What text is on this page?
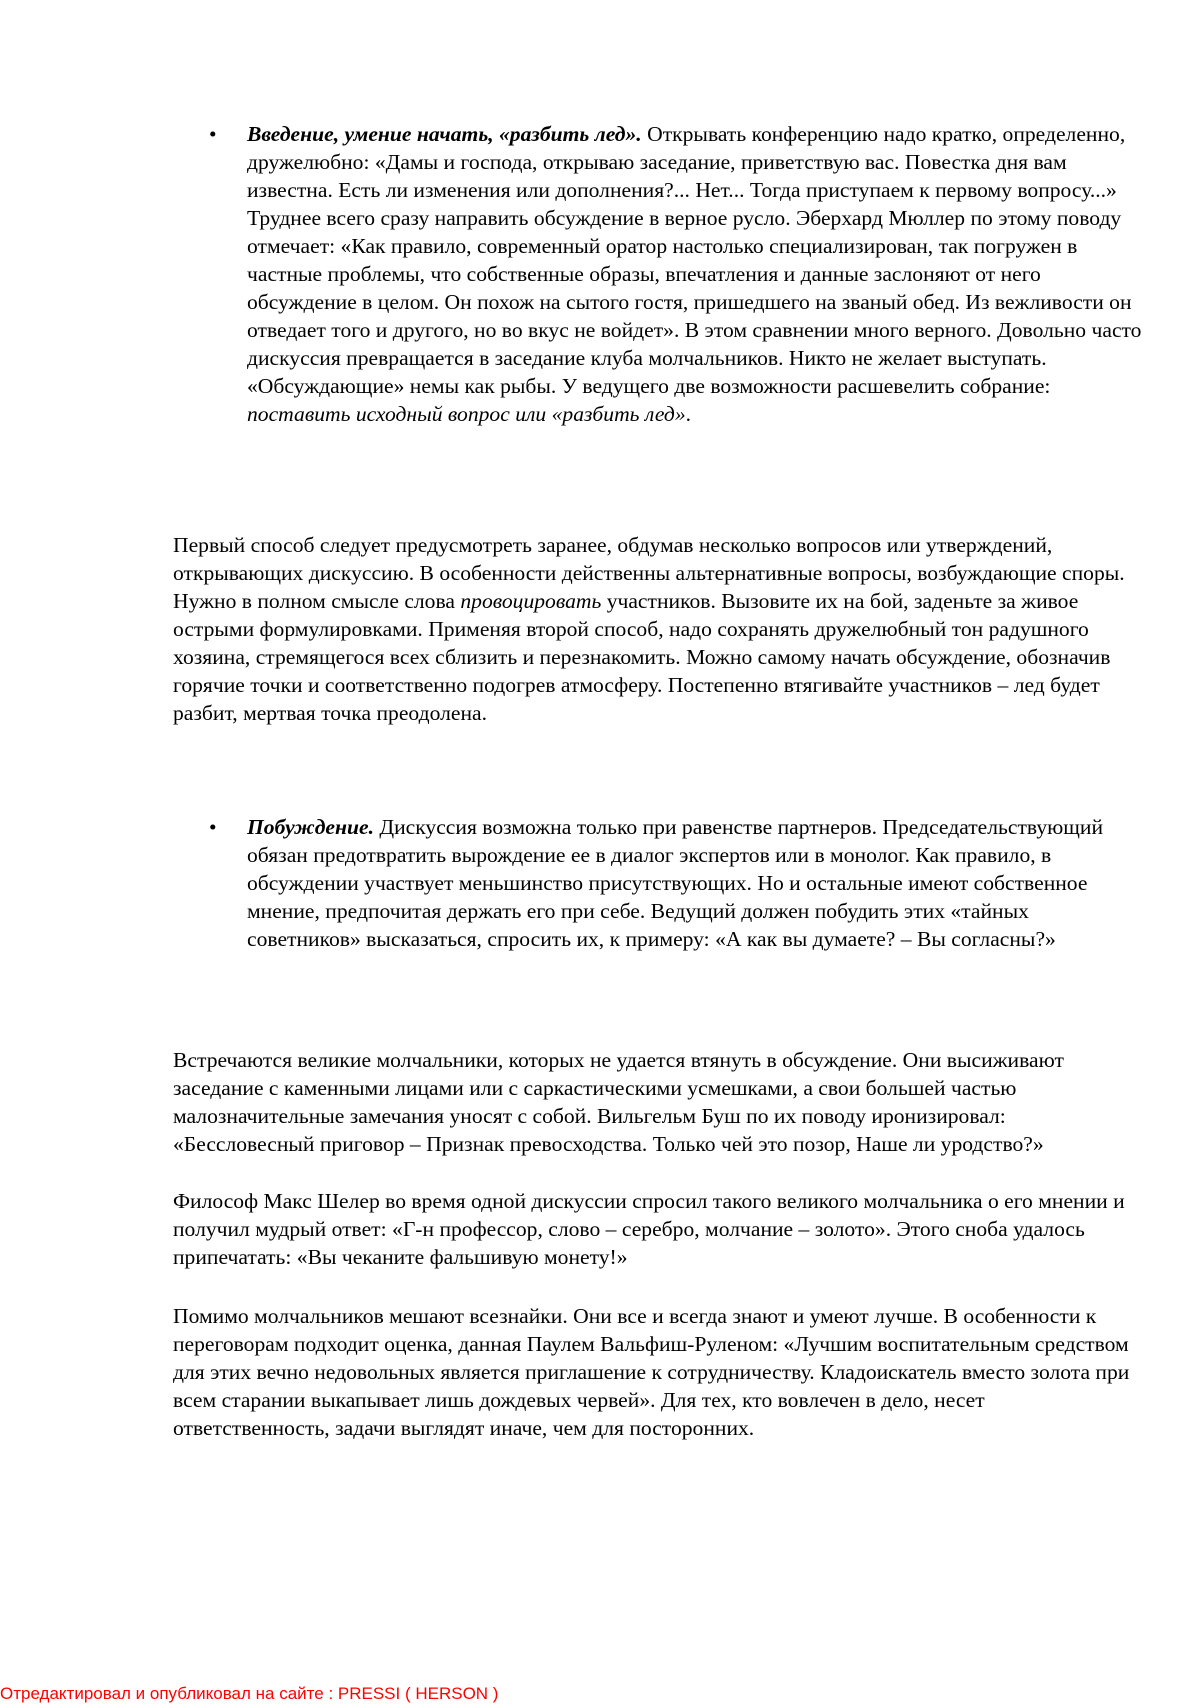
• Введение, умение начать, «разбить лед». Открывать конференцию надо кратко, определенно, дружелюбно: «Дамы и господа, открываю заседание, приветствую вас. Повестка дня вам известна. Есть ли изменения или дополнения?... Нет... Тогда приступаем к первому вопросу...» Труднее всего сразу направить обсуждение в верное русло. Эберхард Мюллер по этому поводу отмечает: «Как правило, современный оратор настолько специализирован, так погружен в частные проблемы, что собственные образы, впечатления и данные заслоняют от него обсуждение в целом. Он похож на сытого гостя, пришедшего на званый обед. Из вежливости он отведает того и другого, но во вкус не войдет». В этом сравнении много верного. Довольно часто дискуссия превращается в заседание клуба молчальников. Никто не желает выступать. «Обсуждающие» немы как рыбы. У ведущего две возможности расшевелить собрание: поставить исходный вопрос или «разбить лед».

Первый способ следует предусмотреть заранее, обдумав несколько вопросов или утверждений, открывающих дискуссию. В особенности действенны альтернативные вопросы, возбуждающие споры. Нужно в полном смысле слова провоцировать участников. Вызовите их на бой, заденьте за живое острыми формулировками. Применяя второй способ, надо сохранять дружелюбный тон радушного хозяина, стремящегося всех сблизить и перезнакомить. Можно самому начать обсуждение, обозначив горячие точки и соответственно подогрев атмосферу. Постепенно втягивайте участников – лед будет разбит, мертвая точка преодолена.

• Побуждение. Дискуссия возможна только при равенстве партнеров. Председательствующий обязан предотвратить вырождение ее в диалог экспертов или в монолог. Как правило, в обсуждении участвует меньшинство присутствующих. Но и остальные имеют собственное мнение, предпочитая держать его при себе. Ведущий должен побудить этих «тайных советников» высказаться, спросить их, к примеру: «А как вы думаете? – Вы согласны?»

Встречаются великие молчальники, которых не удается втянуть в обсуждение. Они высиживают заседание с каменными лицами или с саркастическими усмешками, а свои большей частью малозначительные замечания уносят с собой. Вильгельм Буш по их поводу иронизировал: «Бессловесный приговор – Признак превосходства. Только чей это позор, Наше ли уродство?»

Философ Макс Шелер во время одной дискуссии спросил такого великого молчальника о его мнении и получил мудрый ответ: «Г-н профессор, слово – серебро, молчание – золото». Этого сноба удалось припечатать: «Вы чеканите фальшивую монету!»

Помимо молчальников мешают всезнайки. Они все и всегда знают и умеют лучше. В особенности к переговорам подходит оценка, данная Паулем Вальфиш-Руленом: «Лучшим воспитательным средством для этих вечно недовольных является приглашение к сотрудничеству. Кладоискатель вместо золота при всем старании выкапывает лишь дождевых червей». Для тех, кто вовлечен в дело, несет ответственность, задачи выглядят иначе, чем для посторонних.

Отредактировал и опубликовал на сайте : PRESSI ( HERSON )
